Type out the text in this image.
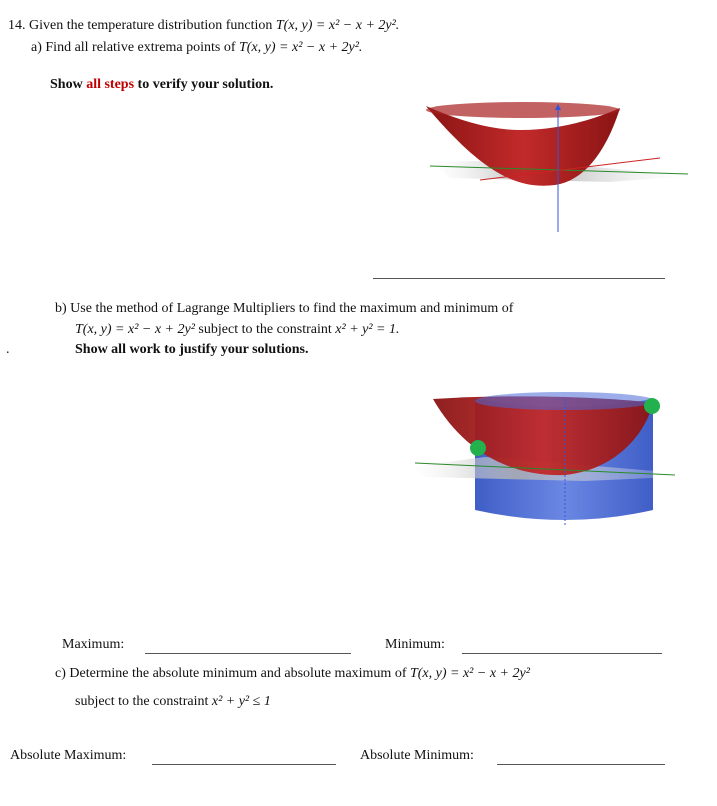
14. Given the temperature distribution function T(x, y) = x² − x + 2y².
a) Find all relative extrema points of T(x, y) = x² − x + 2y².
Show all steps to verify your solution.
b) Use the method of Lagrange Multipliers to find the maximum and minimum of
T(x, y) = x² − x + 2y² subject to the constraint x² + y² = 1.
.	Show all work to justify your solutions.
Maximum:	Minimum:
c) Determine the absolute minimum and absolute maximum of T(x, y) = x² − x + 2y²
subject to the constraint x² + y² ≤ 1
Absolute Maximum:	Absolute Minimum:
